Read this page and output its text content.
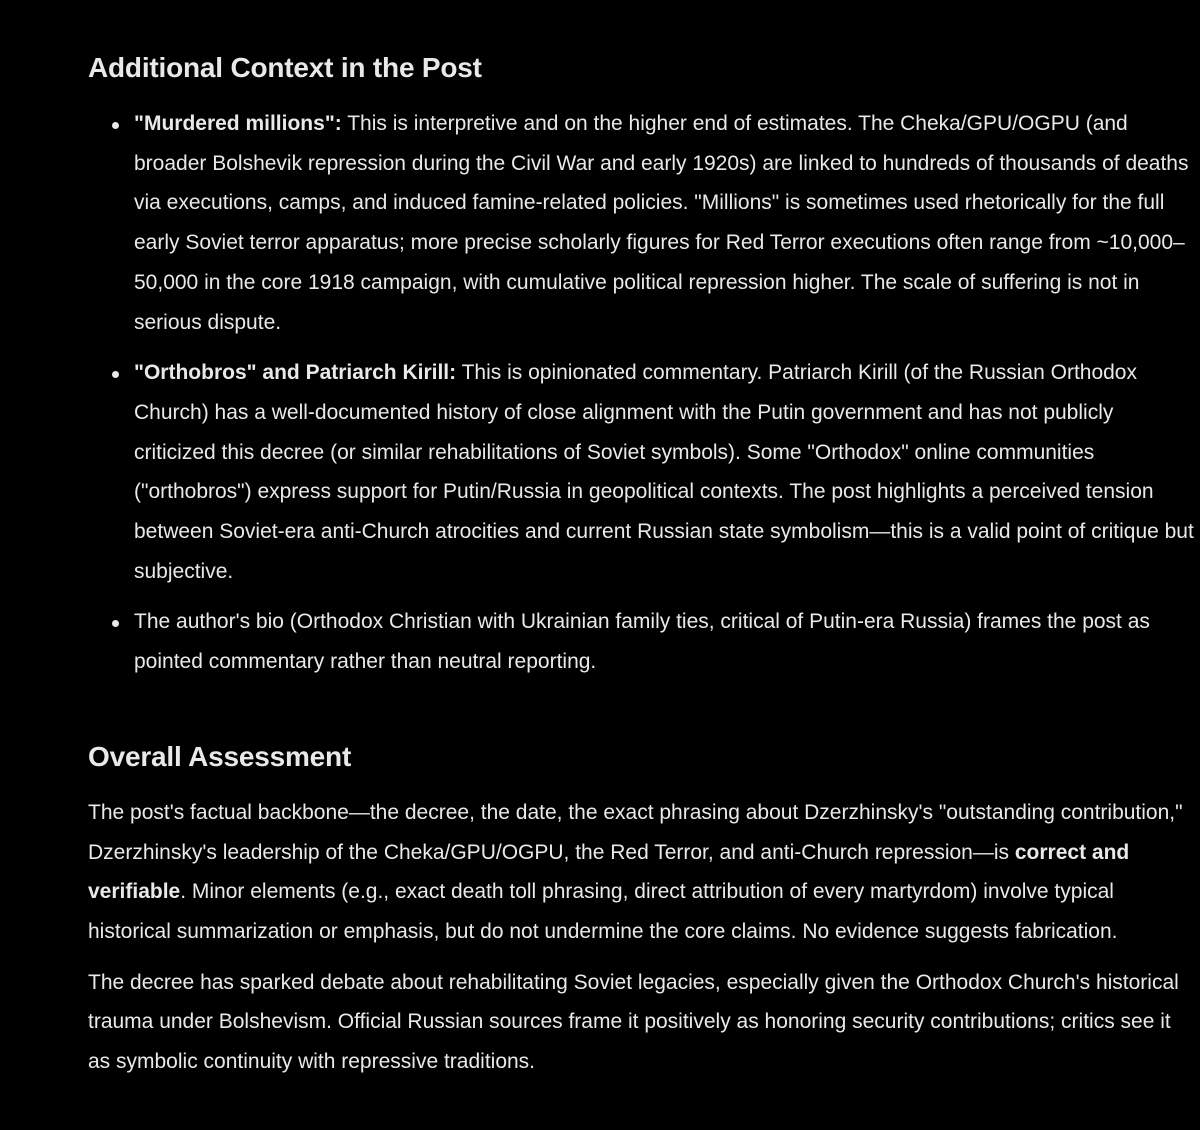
Additional Context in the Post
"Murdered millions": This is interpretive and on the higher end of estimates. The Cheka/GPU/OGPU (and broader Bolshevik repression during the Civil War and early 1920s) are linked to hundreds of thousands of deaths via executions, camps, and induced famine-related policies. "Millions" is sometimes used rhetorically for the full early Soviet terror apparatus; more precise scholarly figures for Red Terror executions often range from ~10,000–50,000 in the core 1918 campaign, with cumulative political repression higher. The scale of suffering is not in serious dispute.
"Orthobros" and Patriarch Kirill: This is opinionated commentary. Patriarch Kirill (of the Russian Orthodox Church) has a well-documented history of close alignment with the Putin government and has not publicly criticized this decree (or similar rehabilitations of Soviet symbols). Some "Orthodox" online communities ("orthobros") express support for Putin/Russia in geopolitical contexts. The post highlights a perceived tension between Soviet-era anti-Church atrocities and current Russian state symbolism—this is a valid point of critique but subjective.
The author's bio (Orthodox Christian with Ukrainian family ties, critical of Putin-era Russia) frames the post as pointed commentary rather than neutral reporting.
Overall Assessment

The post's factual backbone—the decree, the date, the exact phrasing about Dzerzhinsky's "outstanding contribution," Dzerzhinsky's leadership of the Cheka/GPU/OGPU, the Red Terror, and anti-Church repression—is correct and verifiable. Minor elements (e.g., exact death toll phrasing, direct attribution of every martyrdom) involve typical historical summarization or emphasis, but do not undermine the core claims. No evidence suggests fabrication.

The decree has sparked debate about rehabilitating Soviet legacies, especially given the Orthodox Church's historical trauma under Bolshevism. Official Russian sources frame it positively as honoring security contributions; critics see it as symbolic continuity with repressive traditions.
